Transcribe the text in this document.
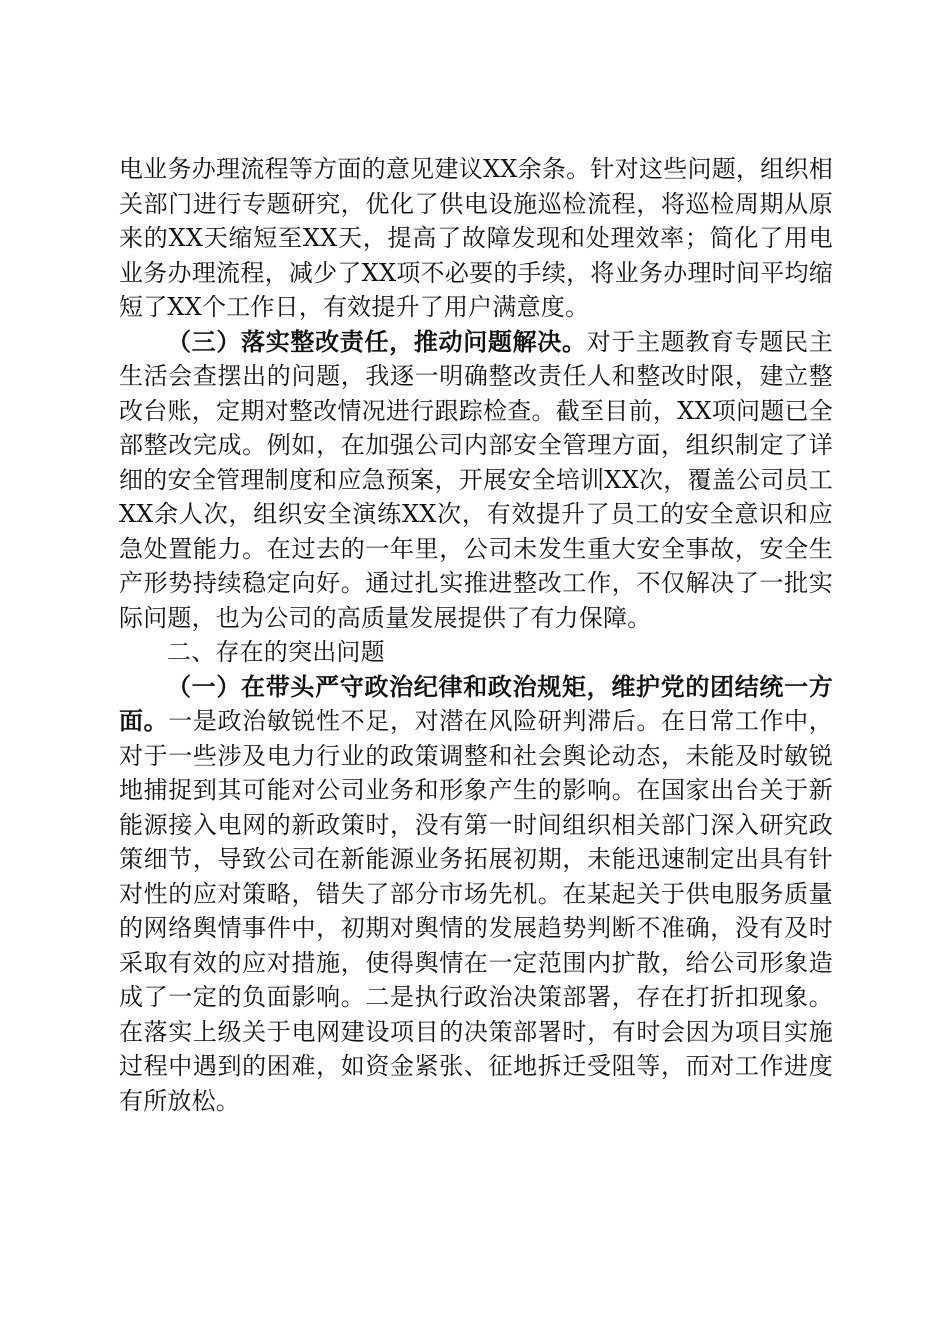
电业务办理流程等方面的意见建议XX余条。针对这些问题，组织相关部门进行专题研究，优化了供电设施巡检流程，将巡检周期从原来的XX天缩短至XX天，提高了故障发现和处理效率；简化了用电业务办理流程，减少了XX项不必要的手续，将业务办理时间平均缩短了XX个工作日，有效提升了用户满意度。

（三）落实整改责任，推动问题解决。对于主题教育专题民主生活会查摆出的问题，我逐一明确整改责任人和整改时限，建立整改台账，定期对整改情况进行跟踪检查。截至目前，XX项问题已全部整改完成。例如，在加强公司内部安全管理方面，组织制定了详细的安全管理制度和应急预案，开展安全培训XX次，覆盖公司员工XX余人次，组织安全演练XX次，有效提升了员工的安全意识和应急处置能力。在过去的一年里，公司未发生重大安全事故，安全生产形势持续稳定向好。通过扎实推进整改工作，不仅解决了一批实际问题，也为公司的高质量发展提供了有力保障。

二、存在的突出问题

（一）在带头严守政治纪律和政治规矩，维护党的团结统一方面。一是政治敏锐性不足，对潜在风险研判滞后。在日常工作中，对于一些涉及电力行业的政策调整和社会舆论动态，未能及时敏锐地捕捉到其可能对公司业务和形象产生的影响。在国家出台关于新能源接入电网的新政策时，没有第一时间组织相关部门深入研究政策细节，导致公司在新能源业务拓展初期，未能迅速制定出具有针对性的应对策略，错失了部分市场先机。在某起关于供电服务质量的网络舆情事件中，初期对舆情的发展趋势判断不准确，没有及时采取有效的应对措施，使得舆情在一定范围内扩散，给公司形象造成了一定的负面影响。二是执行政治决策部署，存在打折扣现象。在落实上级关于电网建设项目的决策部署时，有时会因为项目实施过程中遇到的困难，如资金紧张、征地拆迁受阻等，而对工作进度有所放松。
